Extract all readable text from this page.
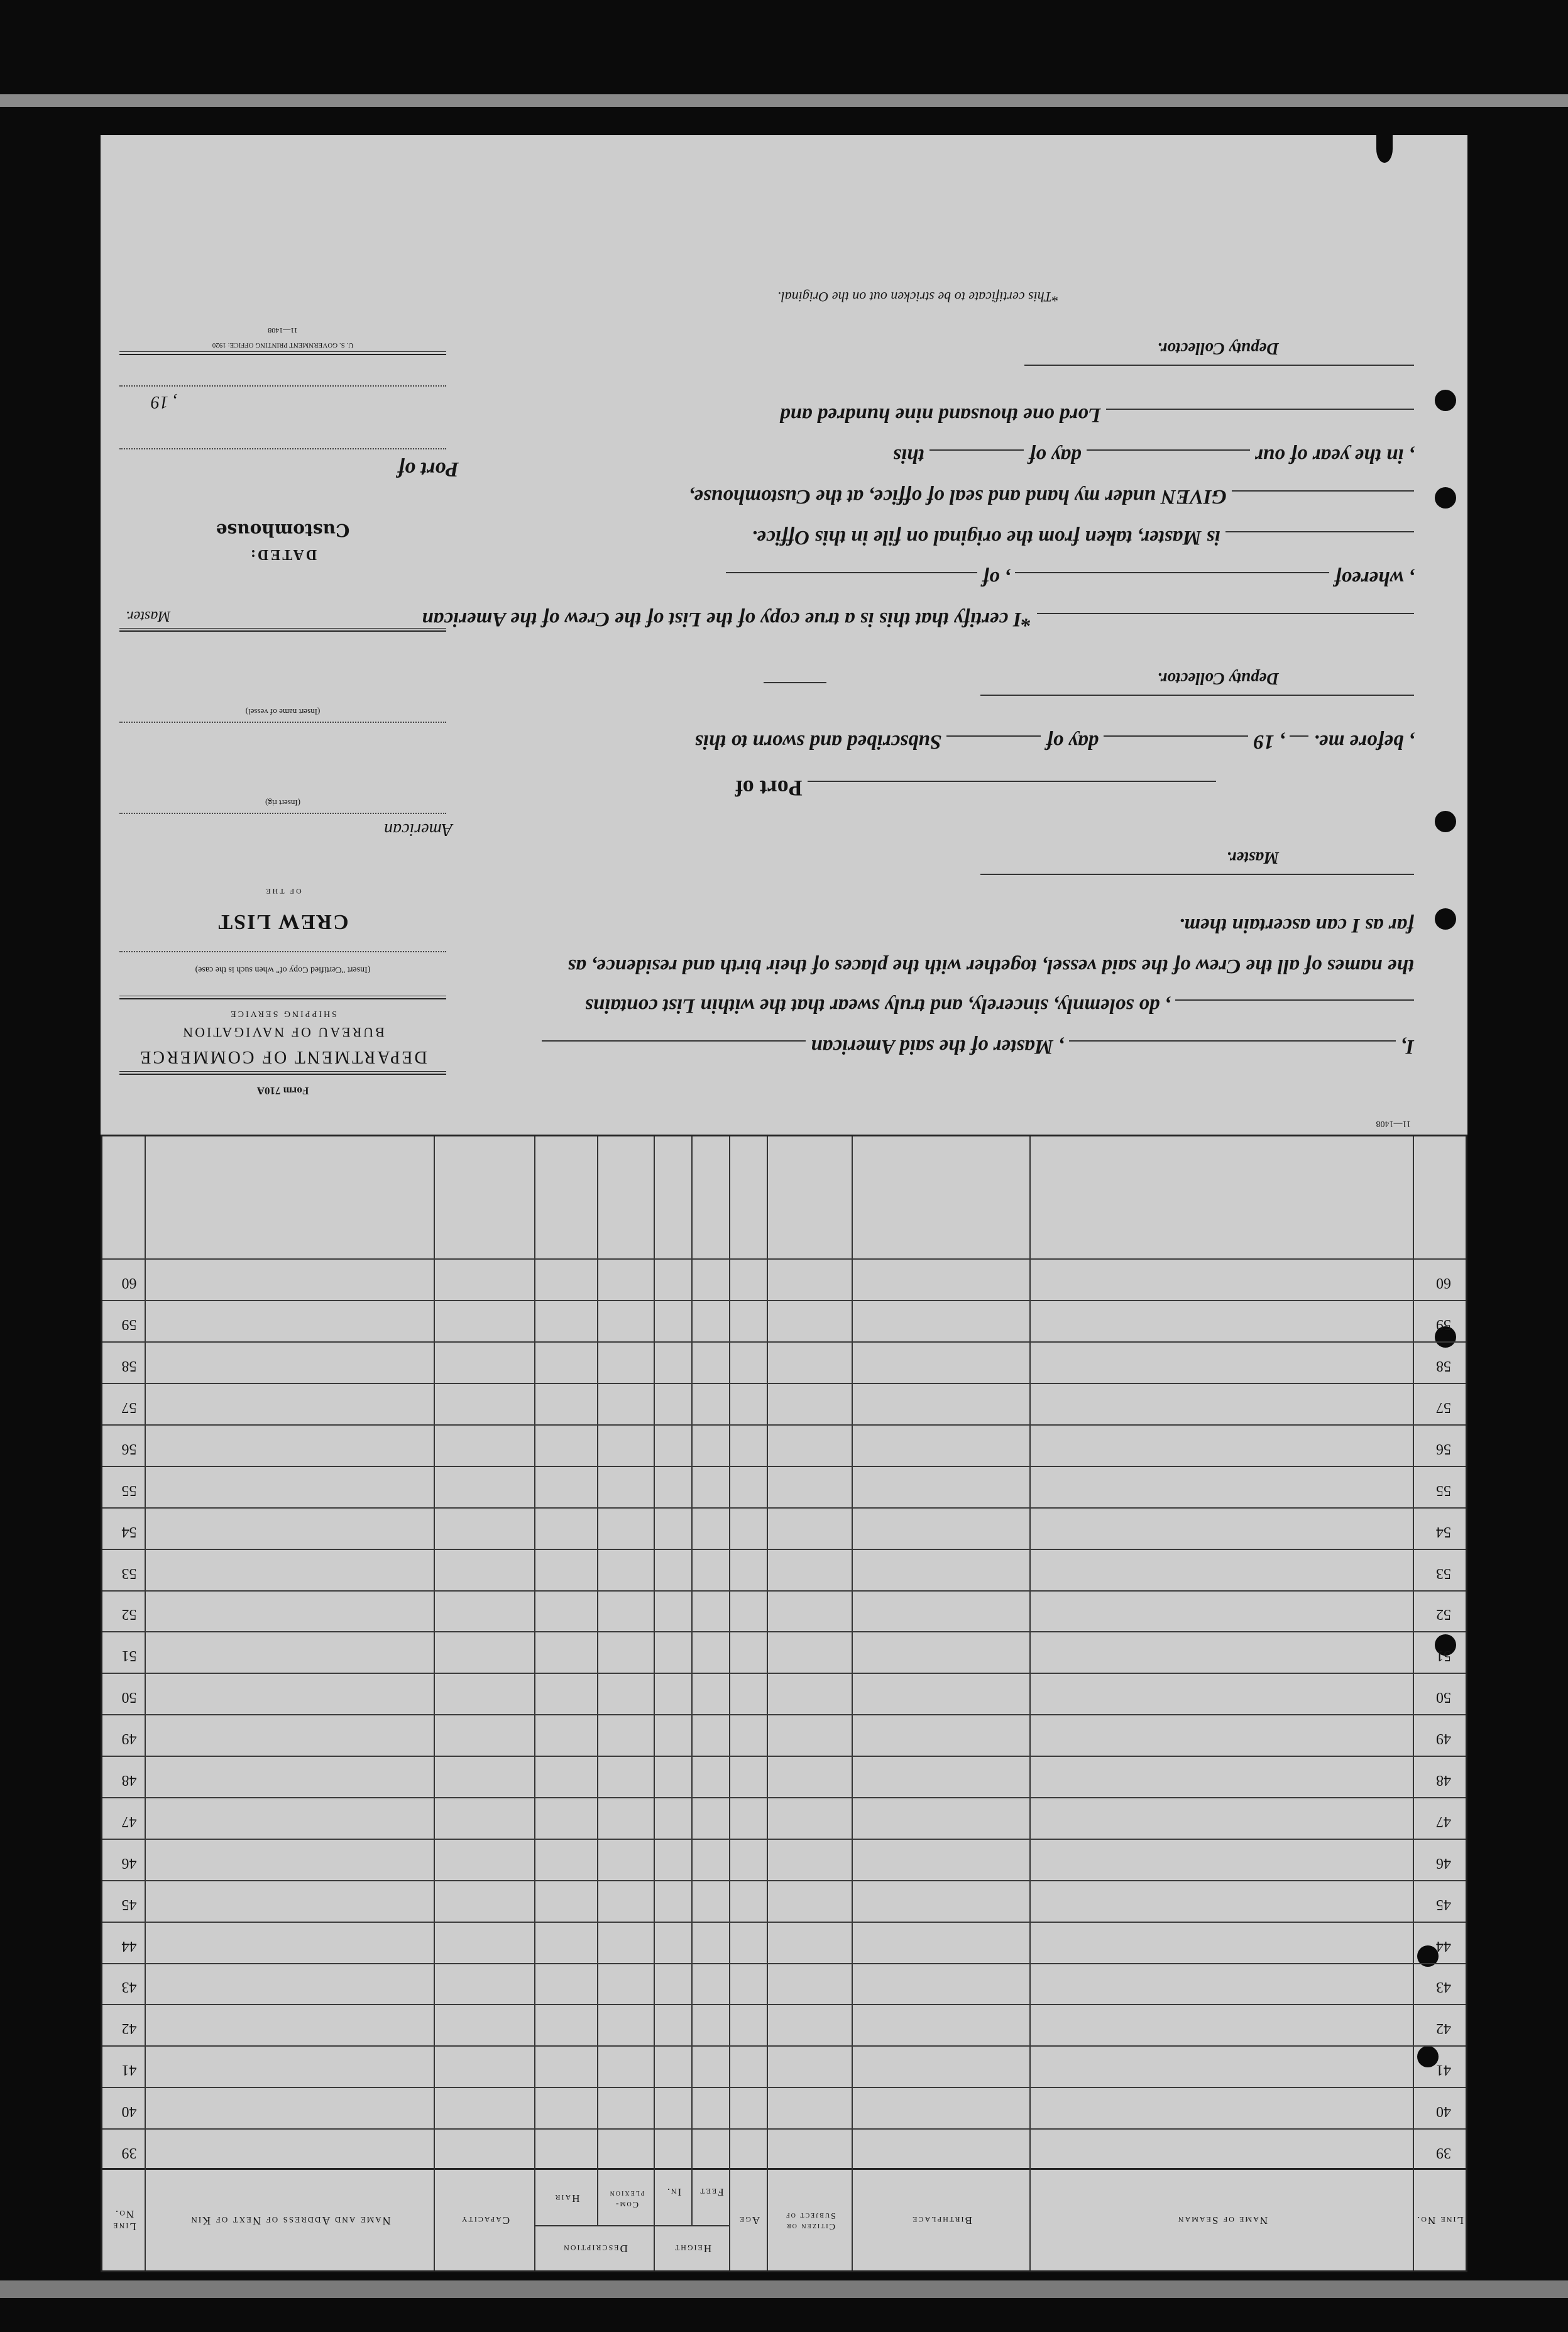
Line No.
Name of Seaman
Birthplace
Citizen or Subject of
Age
Height
Feet
In.
Description
Com-plexion
Hair
Capacity
Name and Address of Next of Kin
Line No.
39
39
40
40
41
41
42
42
43
43
44
44
45
45
46
46
47
47
48
48
49
49
50
50
51
51
52
52
53
53
54
54
55
55
56
56
57
57
58
58
59
59
60
60
11—1408
I,  , Master of the said American
, do solemnly, sincerely, and truly swear that the within List contains
the names of all the Crew of the said vessel, together with the places of their birth and residence, as
far as I can ascertain them.
Master.
Port of
, before me.  , 19  day of  Subscribed and sworn to this
Deputy Collector.
*I certify that this is a true copy of the List of the Crew of the American
, whereof  , of
is Master, taken from the original on file in this Office.
GIVEN under my hand and seal of office, at the Customhouse,
, in the year of our  day of  this
Lord one thousand nine hundred and
Deputy Collector.
*This certificate to be stricken out on the Original.
Form 710A
DEPARTMENT OF COMMERCE
BUREAU OF NAVIGATION
SHIPPING SERVICE
(Insert "Certified Copy of" when such is the case)
CREW LIST
OF THE
American
(Insert rig)
(Insert name of vessel)
Master.
DATED:
Customhouse
Port of
, 19
U. S. GOVERNMENT PRINTING OFFICE: 1920
11—1408
